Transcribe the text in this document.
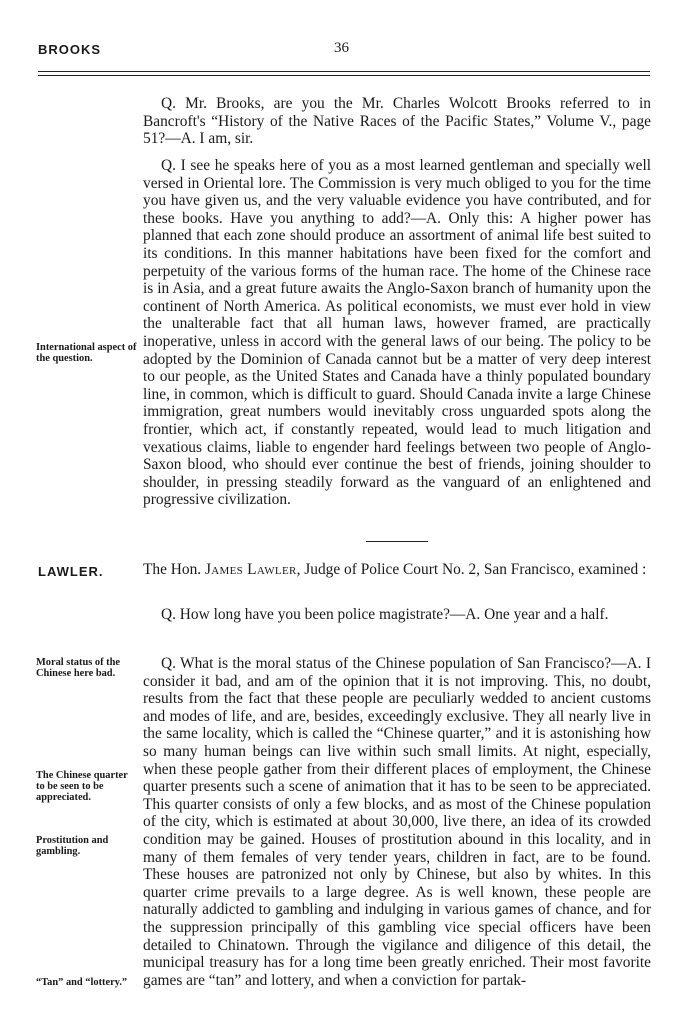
BROOKS	36

Q. Mr. Brooks, are you the Mr. Charles Wolcott Brooks referred to in Bancroft's “History of the Native Races of the Pacific States,” Volume V., page 51?—A. I am, sir.

Q. I see he speaks here of you as a most learned gentleman and specially well versed in Oriental lore. The Commission is very much obliged to you for the time you have given us, and the very valuable evidence you have contributed, and for these books. Have you anything to add?—A. Only this: A higher power has planned that each zone should produce an assortment of animal life best suited to its conditions. In this manner habitations have been fixed for the comfort and perpetuity of the various forms of the human race. The home of the Chinese race is in Asia, and a great future awaits the Anglo-Saxon branch of humanity upon the continent of North America. As political economists, we must ever hold in view the unalterable fact that all human laws, however framed, are practically inoperative, unless in accord with the general laws of our being. The policy to be adopted by the Dominion of Canada cannot but be a matter of very deep interest to our people, as the United States and Canada have a thinly populated boundary line, in common, which is difficult to guard. Should Canada invite a large Chinese immigration, great numbers would inevitably cross unguarded spots along the frontier, which act, if constantly repeated, would lead to much litigation and vexatious claims, liable to engender hard feelings between two people of Anglo-Saxon blood, who should ever continue the best of friends, joining shoulder to shoulder, in pressing steadily forward as the vanguard of an enlightened and progressive civilization.

International aspect of the question.
LAWLER.	The Hon. James Lawler, Judge of Police Court No. 2, San Francisco, examined :

Q. How long have you been police magistrate?—A. One year and a half.

Moral status of the Chinese here bad.

Q. What is the moral status of the Chinese population of San Francisco?—A. I consider it bad, and am of the opinion that it is not improving. This, no doubt, results from the fact that these people are peculiarly wedded to ancient customs and modes of life, and are, besides, exceedingly exclusive. They all nearly live in the same locality, which is called the “Chinese quarter,” and it is astonishing how so many human beings can live within such small limits. At night, especially, when these people gather from their different places of employment, the Chinese quarter presents such a scene of animation that it has to be seen to be appreciated. This quarter consists of only a few blocks, and as most of the Chinese population of the city, which is estimated at about 30,000, live there, an idea of its crowded condition may be gained. Houses of prostitution abound in this locality, and in many of them females of very tender years, children in fact, are to be found. These houses are patronized not only by Chinese, but also by whites. In this quarter crime prevails to a large degree. As is well known, these people are naturally addicted to gambling and indulging in various games of chance, and for the suppression principally of this gambling vice special officers have been detailed to Chinatown. Through the vigilance and diligence of this detail, the municipal treasury has for a long time been greatly enriched. Their most favorite games are “tan” and lottery, and when a conviction for partak-

The Chinese quarter to be seen to be appreciated.
Prostitution and gambling.
“Tan” and “lottery.”
